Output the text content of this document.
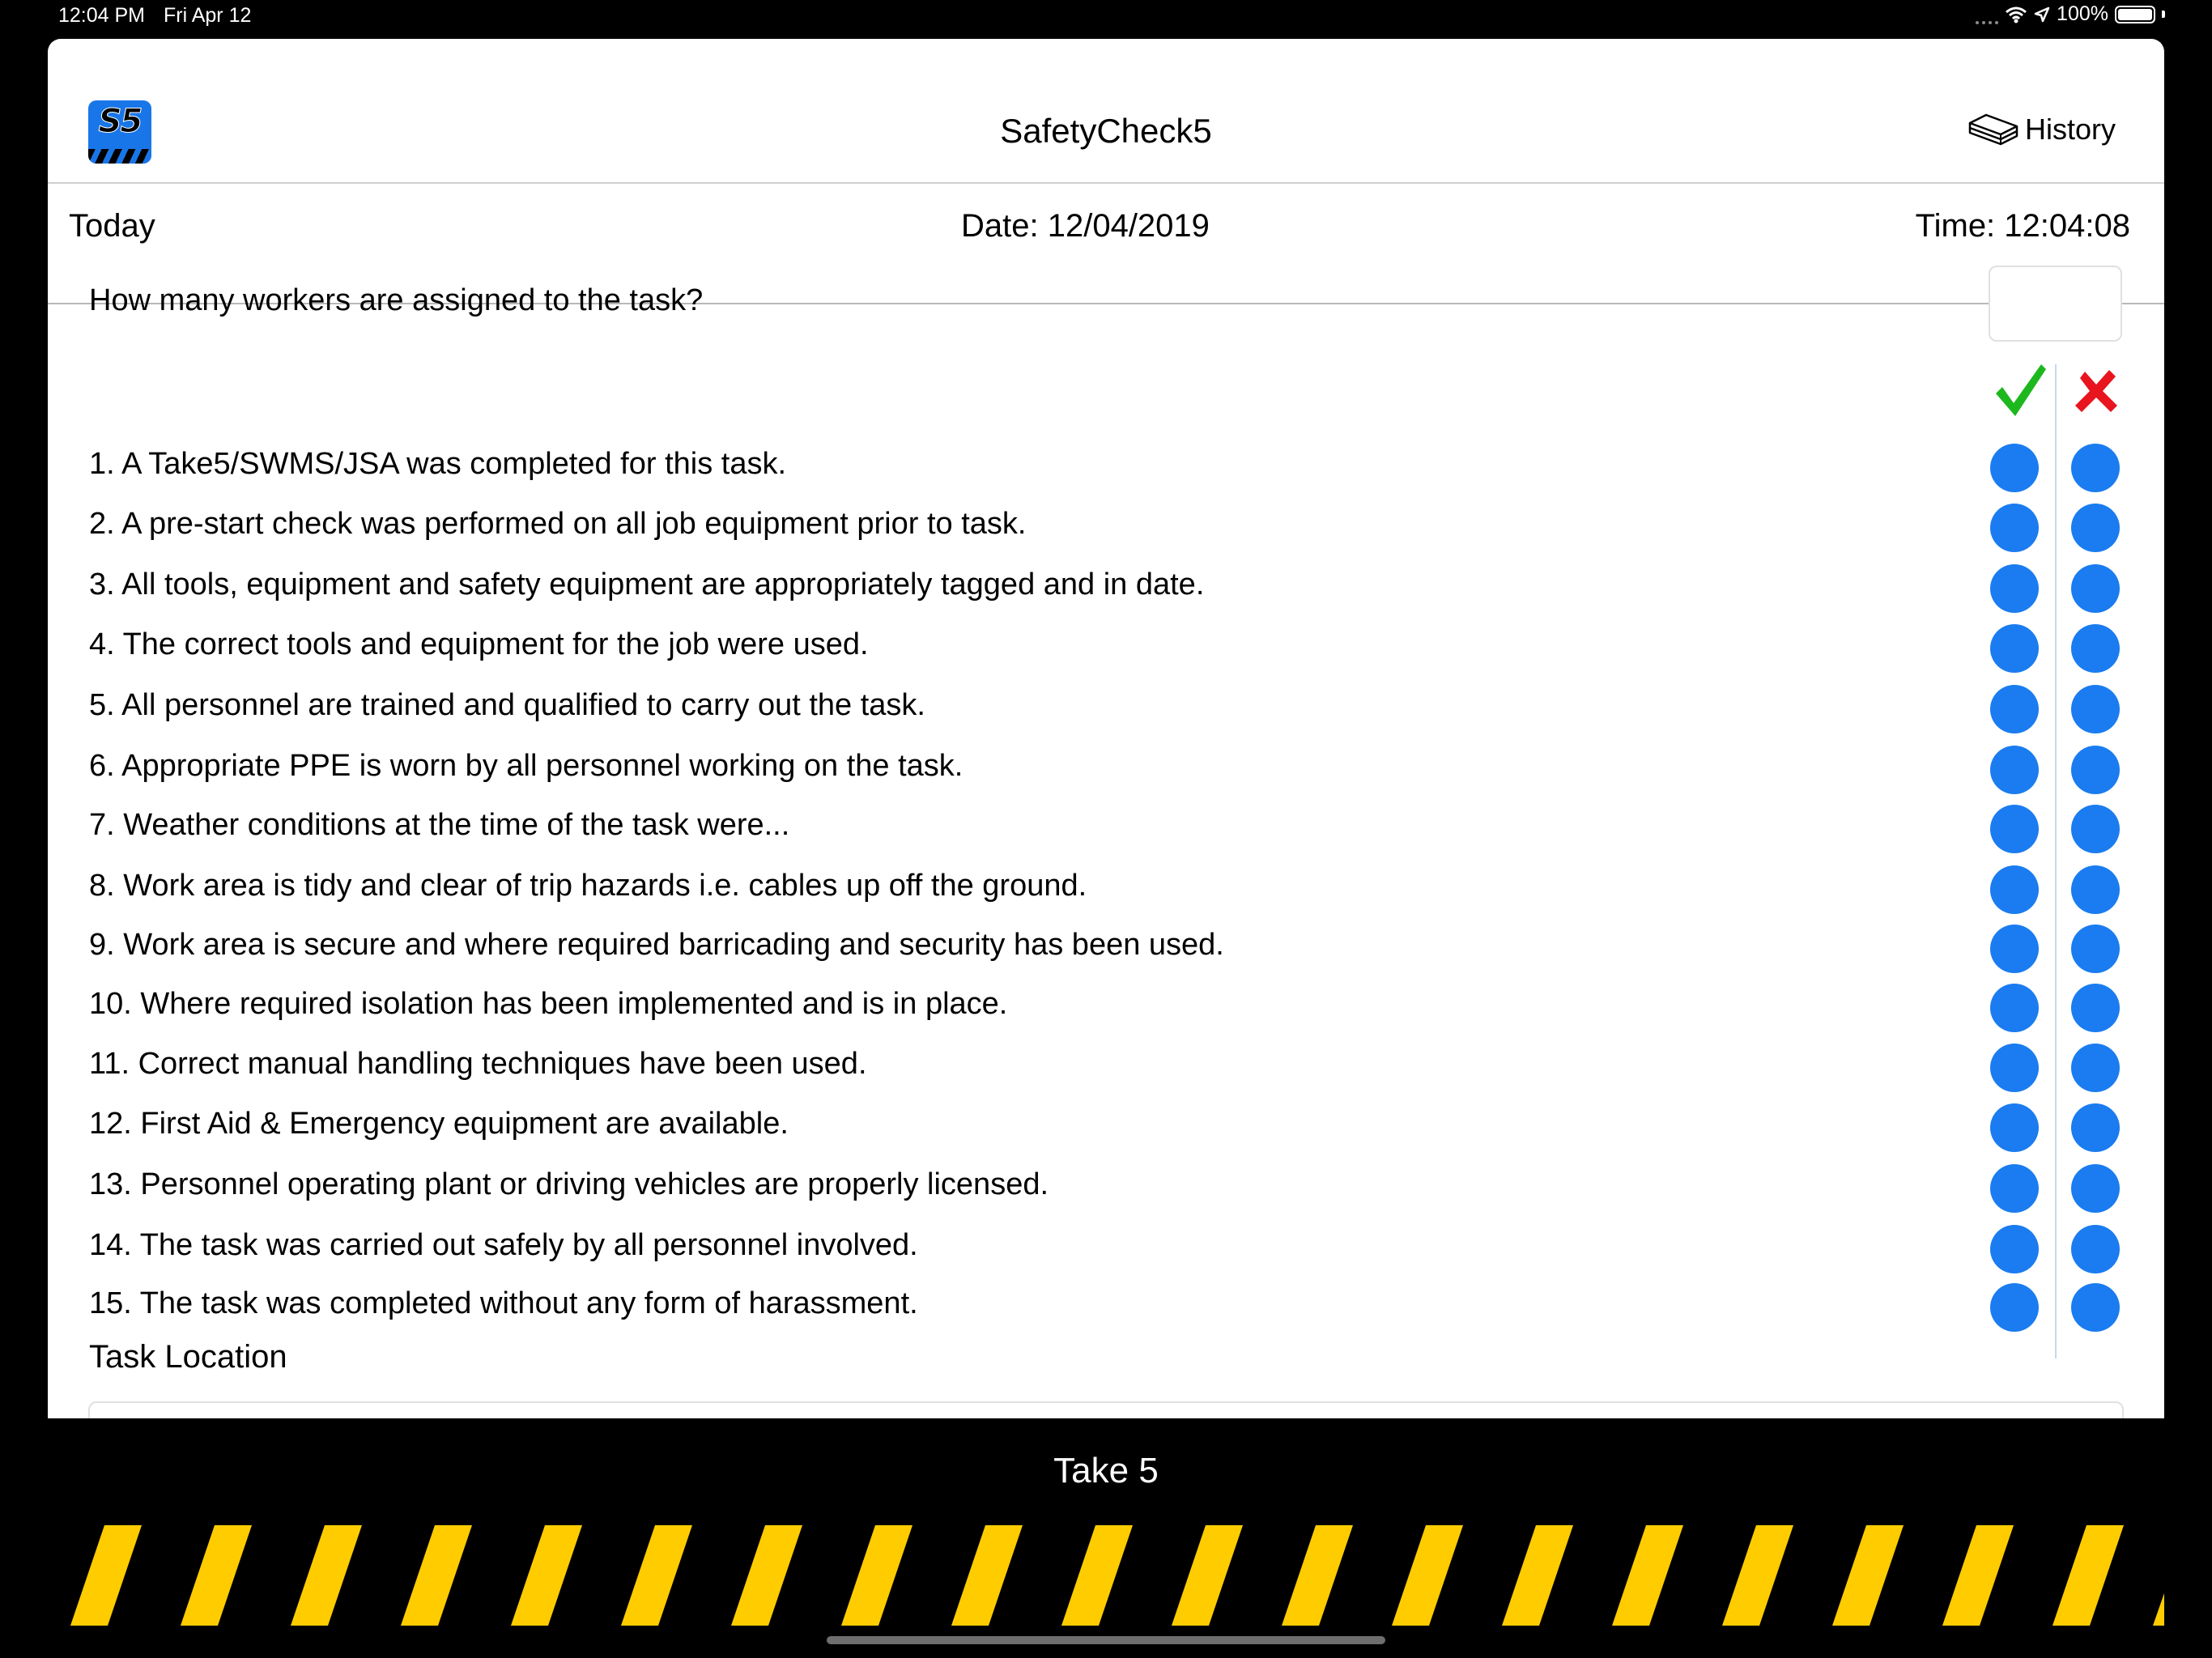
12:04 PM Fri Apr 12	100%
S5	SafetyCheck5	History
Today	Date: 12/04/2019	Time: 12:04:08
How many workers are assigned to the task?
1. A Take5/SWMS/JSA was completed for this task.
2. A pre-start check was performed on all job equipment prior to task.
3. All tools, equipment and safety equipment are appropriately tagged and in date.
4. The correct tools and equipment for the job were used.
5. All personnel are trained and qualified to carry out the task.
6. Appropriate PPE is worn by all personnel working on the task.
7. Weather conditions at the time of the task were...
8. Work area is tidy and clear of trip hazards i.e. cables up off the ground.
9. Work area is secure and where required barricading and security has been used.
10. Where required isolation has been implemented and is in place.
11. Correct manual handling techniques have been used.
12. First Aid & Emergency equipment are available.
13. Personnel operating plant or driving vehicles are properly licensed.
14. The task was carried out safely by all personnel involved.
15. The task was completed without any form of harassment.
Task Location
Take 5
